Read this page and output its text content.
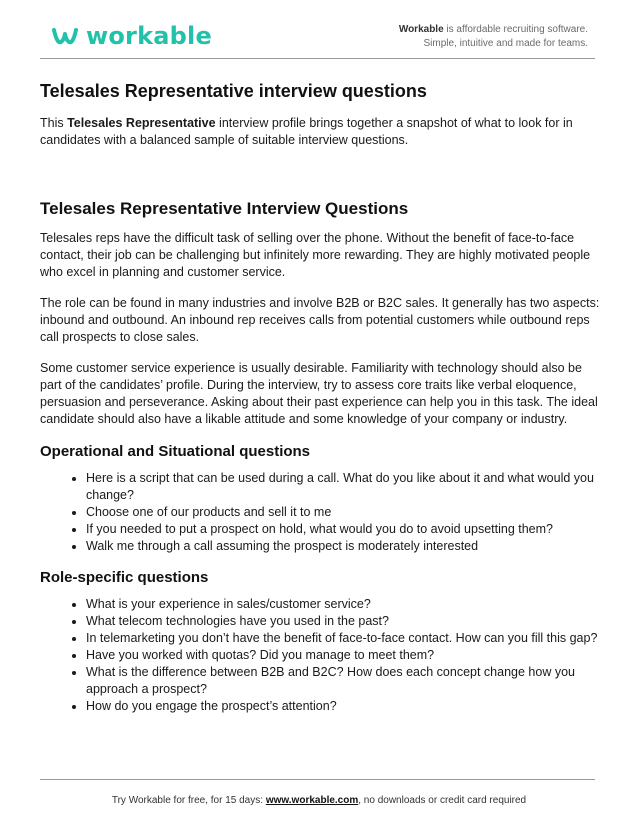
workable	Workable is affordable recruiting software.
Simple, intuitive and made for teams.
Telesales Representative interview questions

This Telesales Representative interview profile brings together a snapshot of what to look for in candidates with a balanced sample of suitable interview questions.

Telesales Representative Interview Questions

Telesales reps have the difficult task of selling over the phone. Without the benefit of face-to-face contact, their job can be challenging but infinitely more rewarding. They are highly motivated people who excel in planning and customer service.

The role can be found in many industries and involve B2B or B2C sales. It generally has two aspects: inbound and outbound. An inbound rep receives calls from potential customers while outbound reps call prospects to close sales.

Some customer service experience is usually desirable. Familiarity with technology should also be part of the candidates’ profile. During the interview, try to assess core traits like verbal eloquence, persuasion and perseverance. Asking about their past experience can help you in this task. The ideal candidate should also have a likable attitude and some knowledge of your company or industry.

Operational and Situational questions
• Here is a script that can be used during a call. What do you like about it and what would you change?
• Choose one of our products and sell it to me
• If you needed to put a prospect on hold, what would you do to avoid upsetting them?
• Walk me through a call assuming the prospect is moderately interested
Role-specific questions
• What is your experience in sales/customer service?
• What telecom technologies have you used in the past?
• In telemarketing you don’t have the benefit of face-to-face contact. How can you fill this gap?
• Have you worked with quotas? Did you manage to meet them?
• What is the difference between B2B and B2C? How does each concept change how you approach a prospect?
• How do you engage the prospect’s attention?
Try Workable for free, for 15 days: www.workable.com, no downloads or credit card required
